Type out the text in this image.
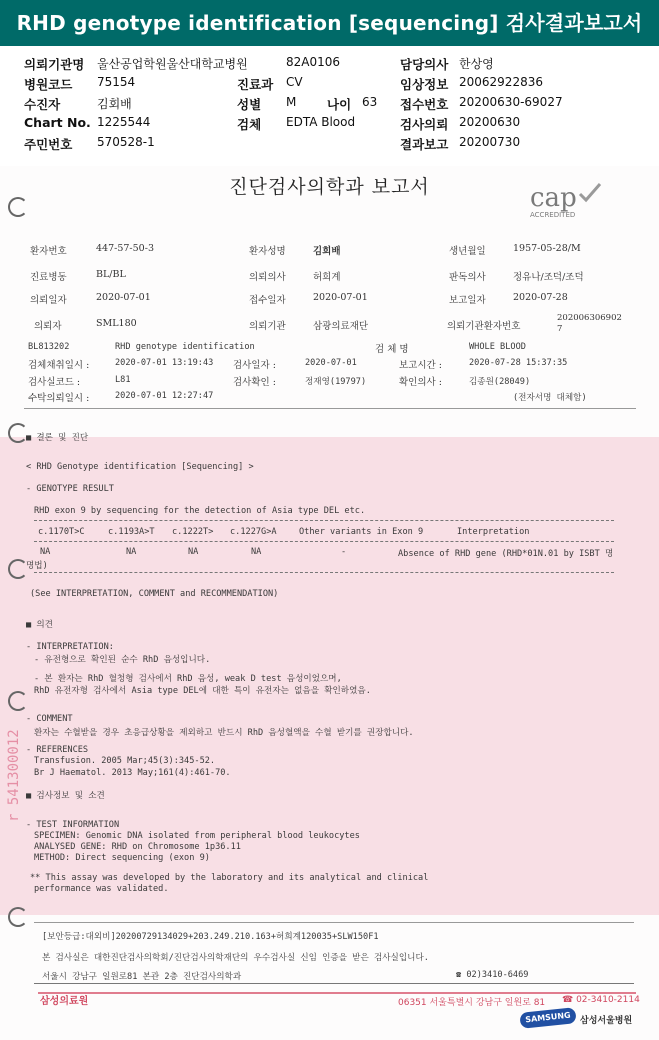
RHD genotype identification [sequencing] 검사결과보고서
의뢰기관명 울산공업학원울산대학교병원	82A0106	담당의사 한상영
병원코드 75154	진료과 CV	임상정보 20062922836
수진자	김회배	성별 M 나이 63 접수번호 20200630-69027
Chart No. 1225544	검체 EDTA Blood	검사의뢰 20200630
주민번호 570528-1	결과보고 20200730
진단검사의학과 보고서	cap
ACCREDITED
환자번호	447-57-50-3	환자성명	김희배	생년월일	1957-05-28/M
진료병동	BL/BL	의뢰의사	허희계	판독의사	정유나/조덕/조덕
의뢰일자	2020-07-01	접수일자	2020-07-01	보고일자	2020-07-28
의뢰자	SML180	의뢰기관	삼광의료재단	의뢰기관환자번호
202006306902
7
BL813202	RHD genotype identification	검 체 명	WHOLE BLOOD
검체채취일시 :	2020-07-01 13:19:43 검사일자 :	2020-07-01	보고시간 :	2020-07-28 15:37:35
검사실코드 :	L81	검사확인 :	정재영(19797)	확인의사 :	김종원(28049)
수탁의뢰일시 :	2020-07-01 12:27:47	(전자서명 대체함)
■ 결론 및 진단
< RHD Genotype identification [Sequencing] >
- GENOTYPE RESULT
RHD exon 9 by sequencing for the detection of Asia type DEL etc.
c.1170T>C	c.1193A>T c.1222T> c.1227G>A	Other variants in Exon 9	Interpretation
NA	NA	NA	NA	-	Absence of RHD gene (RHD*01N.01 by ISBT 명
명법)
(See INTERPRETATION, COMMENT and RECOMMENDATION)
■ 의견
- INTERPRETATION:
- 유전형으로 확인된 순수 RhD 음성입니다.
- 본 환자는 RhD 혈청형 검사에서 RhD 음성, weak D test 음성이었으며,
RhD 유전자형 검사에서 Asia type DEL에 대한 특이 유전자는 없음을 확인하였음.
- COMMENT
환자는 수혈받을 경우 초응급상황을 제외하고 반드시 RhD 음성혈액을 수혈 받기를 권장합니다.
- REFERENCES
Transfusion. 2005 Mar;45(3):345-52.
Br J Haematol. 2013 May;161(4):461-70.
■ 검사정보 및 소견
- TEST INFORMATION
SPECIMEN: Genomic DNA isolated from peripheral blood leukocytes
ANALYSED GENE: RHD on Chromosome 1p36.11
METHOD: Direct sequencing (exon 9)
** This assay was developed by the laboratory and its analytical and clinical
performance was validated.
r 541300012
[보안등급:대외비]20200729134029+203.249.210.163+허희계120035+SLW150F1
본 검사실은 대한진단검사의학회/진단검사의학재단의 우수검사실 신임 인증을 받은 검사실입니다.
서울시 강남구 일원로81 본관 2층 진단검사의학과	☎ 02)3410-6469
삼성의료원	06351 서울특별시 강남구 일원로 81 ☎ 02-3410-2114
SAMSUNG 삼성서울병원
